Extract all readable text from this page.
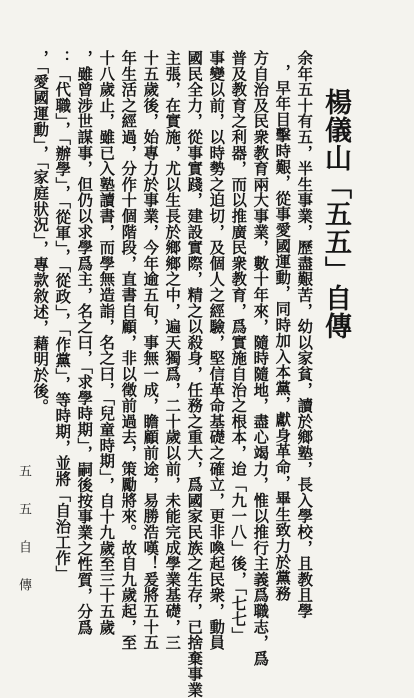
楊儀山「五五」自傳
余年五十有五，半生事業，歷盡艱苦，幼以家貧，讀於鄉塾，長入學校，且教且學
，早年目擊時艱，從事愛國運動，同時加入本黨，獻身革命，畢生致力於黨務
方自治及民衆教育兩大事業，數十年來，隨時隨地，盡心竭力，惟以推行主義爲職志，爲
普及教育之利器，而以推廣民衆教育，爲實施自治之根本，迨「九一八」後，「七七」
事變以前，以時勢之迫切，及個人之經驗，堅信革命基礎之確立，更非喚起民衆，動員
國民全力，從事實踐，建設實際，精之以殺身，任務之重大，爲國家民族之生存，已捨棄事業
主張，在實施，尤以生長於鄉鄉之中，遍天獨爲，二十歲以前，未能完成學業基礎，三
十五歲後，始專力於事業，今年逾五旬，事無一成，瞻顧前途，易勝浩嘆！爰將五十五
年生活之經過，分作十個階段，直書自顧，非以徵前過去，策勵將來。故自九歲起，至
十八歲止，雖已入塾讀書，而學無造詣，名之曰，「兒童時期」，自十九歲至三十五歲
，雖曾涉世謀事，但仍以求學爲主，名之曰，「求學時期」，嗣後按事業之性質，分爲
：「代職」，「辦學」，「從軍」，「從政」，「作黨」，等時期，並將「自治工作」
，「愛國運動」，「家庭狀況」，專款敘述，藉明於後。
五 五 自 傳
